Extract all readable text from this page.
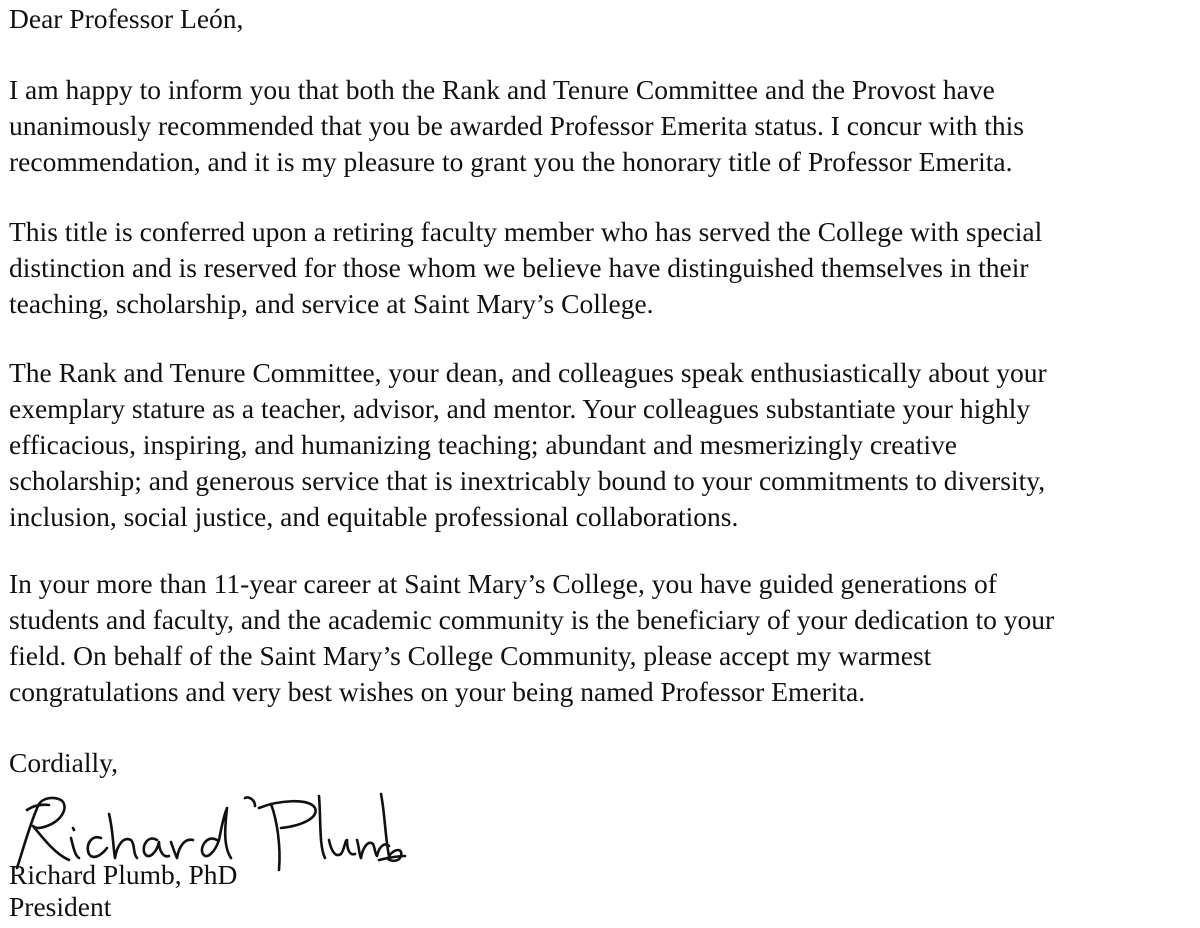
Dear Professor León,

I am happy to inform you that both the Rank and Tenure Committee and the Provost have
unanimously recommended that you be awarded Professor Emerita status. I concur with this
recommendation, and it is my pleasure to grant you the honorary title of Professor Emerita.

This title is conferred upon a retiring faculty member who has served the College with special
distinction and is reserved for those whom we believe have distinguished themselves in their
teaching, scholarship, and service at Saint Mary’s College.

The Rank and Tenure Committee, your dean, and colleagues speak enthusiastically about your
exemplary stature as a teacher, advisor, and mentor. Your colleagues substantiate your highly
efficacious, inspiring, and humanizing teaching; abundant and mesmerizingly creative
scholarship; and generous service that is inextricably bound to your commitments to diversity,
inclusion, social justice, and equitable professional collaborations.

In your more than 11-year career at Saint Mary’s College, you have guided generations of
students and faculty, and the academic community is the beneficiary of your dedication to your
field. On behalf of the Saint Mary’s College Community, please accept my warmest
congratulations and very best wishes on your being named Professor Emerita.

Cordially,

Richard Plumb, PhD

President
